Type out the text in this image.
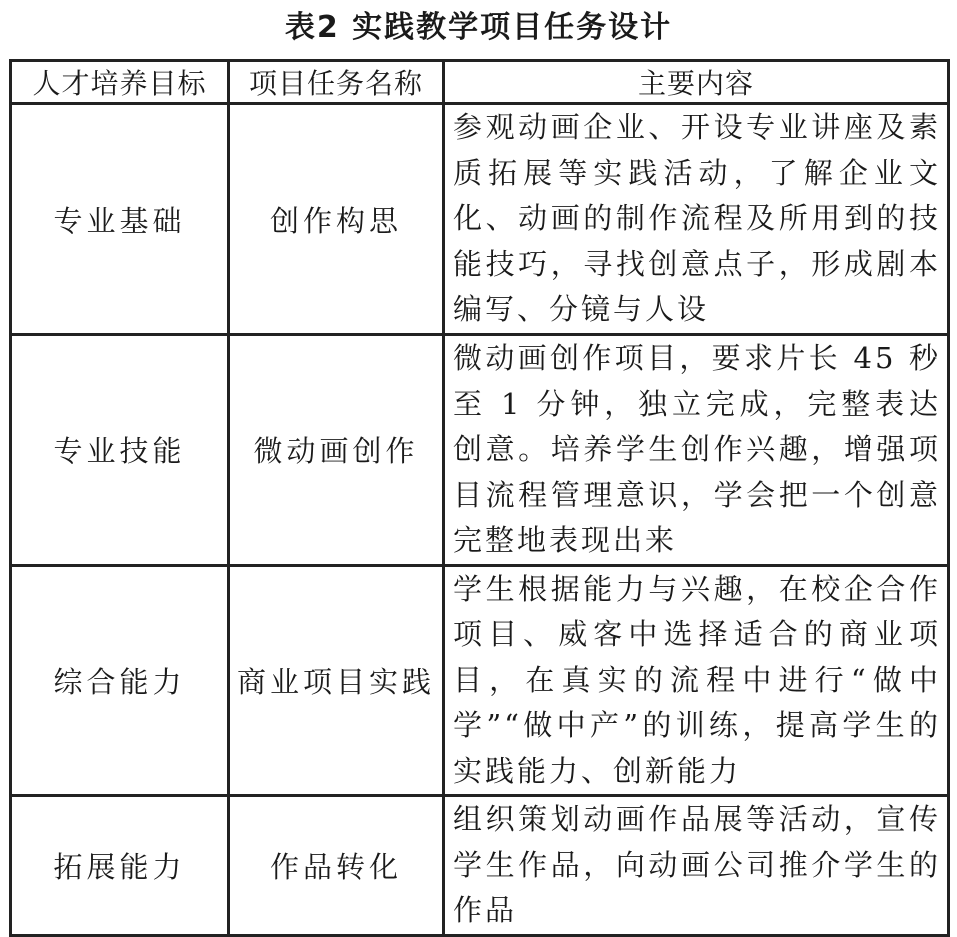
表2 实践教学项目任务设计
人才培养目标	项目任务名称	主要内容
专业基础	创作构思	参观动画企业、开设专业讲座及素质拓展等实践活动，了解企业文化、动画的制作流程及所用到的技能技巧，寻找创意点子，形成剧本编写、分镜与人设
专业技能	微动画创作	微动画创作项目，要求片长 45 秒至 1 分钟，独立完成，完整表达创意。培养学生创作兴趣，增强项目流程管理意识，学会把一个创意完整地表现出来
综合能力	商业项目实践	学生根据能力与兴趣，在校企合作项目、威客中选择适合的商业项目，在真实的流程中进行“做中学”“做中产”的训练，提高学生的实践能力、创新能力
拓展能力	作品转化	组织策划动画作品展等活动，宣传学生作品，向动画公司推介学生的作品
